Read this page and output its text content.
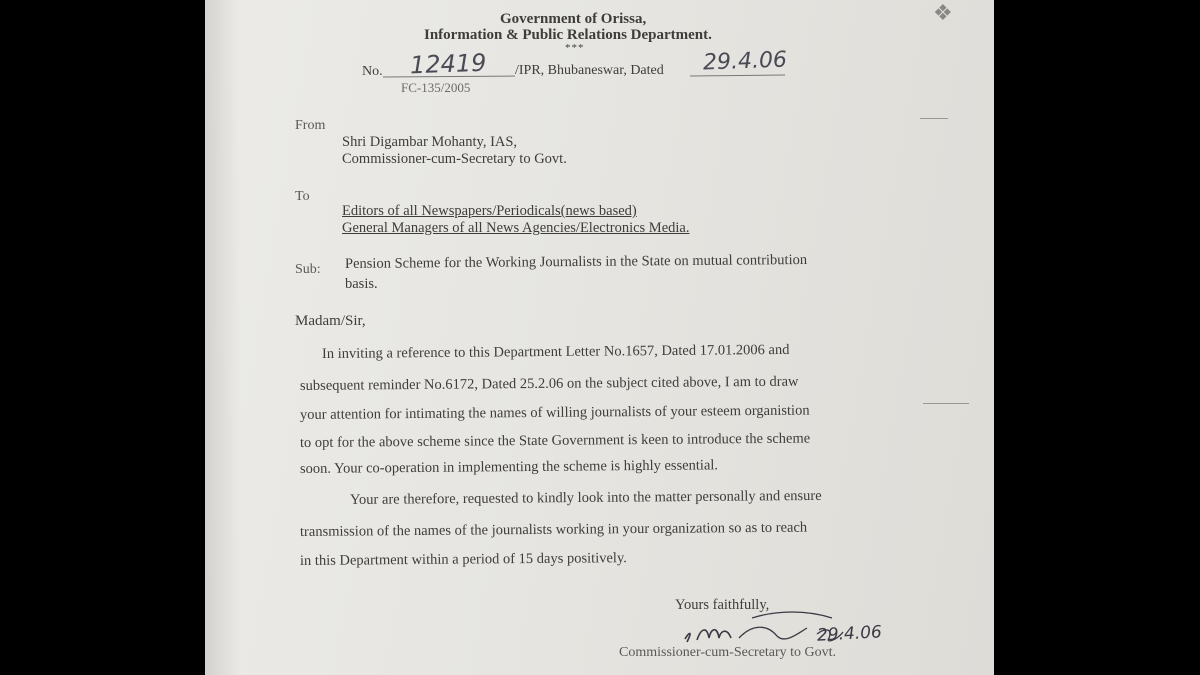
Government of Orissa,
Information & Public Relations Department.
***
No. 12419 /IPR, Bhubaneswar, Dated 29.4.06
FC-135/2005
From
Shri Digambar Mohanty, IAS,
Commissioner-cum-Secretary to Govt.
To
Editors of all Newspapers/Periodicals(news based)
General Managers of all News Agencies/Electronics Media.
Sub: Pension Scheme for the Working Journalists in the State on mutual contribution
basis.
Madam/Sir,
In inviting a reference to this Department Letter No.1657, Dated 17.01.2006 and
subsequent reminder No.6172, Dated 25.2.06 on the subject cited above, I am to draw
your attention for intimating the names of willing journalists of your esteem organistion
to opt for the above scheme since the State Government is keen to introduce the scheme
soon. Your co-operation in implementing the scheme is highly essential.
Your are therefore, requested to kindly look into the matter personally and ensure
transmission of the names of the journalists working in your organization so as to reach
in this Department within a period of 15 days positively.
Yours faithfully,
29.4.06
Commissioner-cum-Secretary to Govt.
❖
